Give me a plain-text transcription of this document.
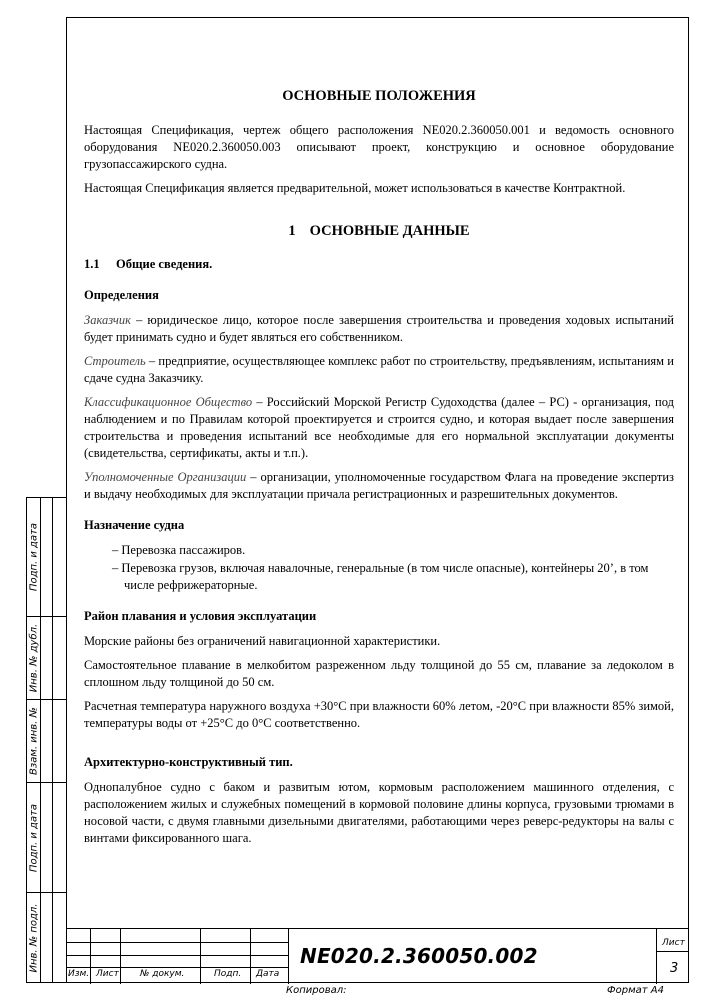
ОСНОВНЫЕ ПОЛОЖЕНИЯ

Настоящая Спецификация, чертеж общего расположения NE020.2.360050.001 и ведомость основного оборудования NE020.2.360050.003 описывают проект, конструкцию и основное оборудование грузопассажирского судна.

Настоящая Спецификация является предварительной, может использоваться в качестве Контрактной.

1 ОСНОВНЫЕ ДАННЫЕ
1.1 Общие сведения.
Определения

Заказчик – юридическое лицо, которое после завершения строительства и проведения ходовых испытаний будет принимать судно и будет являться его собственником.

Строитель – предприятие, осуществляющее комплекс работ по строительству, предъявлениям, испытаниям и сдаче судна Заказчику.

Классификационное Общество – Российский Морской Регистр Судоходства (далее – РС) - организация, под наблюдением и по Правилам которой проектируется и строится судно, и которая выдает после завершения строительства и проведения испытаний все необходимые для его нормальной эксплуатации документы (свидетельства, сертификаты, акты и т.п.).

Уполномоченные Организации – организации, уполномоченные государством Флага на проведение экспертиз и выдачу необходимых для эксплуатации причала регистрационных и разрешительных документов.

Назначение судна
– Перевозка пассажиров.
– Перевозка грузов, включая навалочные, генеральные (в том числе опасные), контейнеры 20’, в том числе рефрижераторные.
Район плавания и условия эксплуатации

Морские районы без ограничений навигационной характеристики.

Самостоятельное плавание в мелкобитом разреженном льду толщиной до 55 см, плавание за ледоколом в сплошном льду толщиной до 50 см.

Расчетная температура наружного воздуха +30°С при влажности 60% летом, -20°С при влажности 85% зимой, температуры воды от +25°С до 0°С соответственно.

Архитектурно-конструктивный тип.

Однопалубное судно с баком и развитым ютом, кормовым расположением машинного отделения, с расположением жилых и служебных помещений в кормовой половине длины корпуса, грузовыми трюмами в носовой части, с двумя главными дизельными двигателями, работающими через реверс-редукторы на валы с винтами фиксированного шага.

Подп. и дата
Инв. № дубл.
Взам. инв. №
Подп. и дата
Инв. № подл.
Изм. Лист № докум.	Подп. Дата
NE020.2.360050.002
Лист
3
Копировал:	Формат А4
